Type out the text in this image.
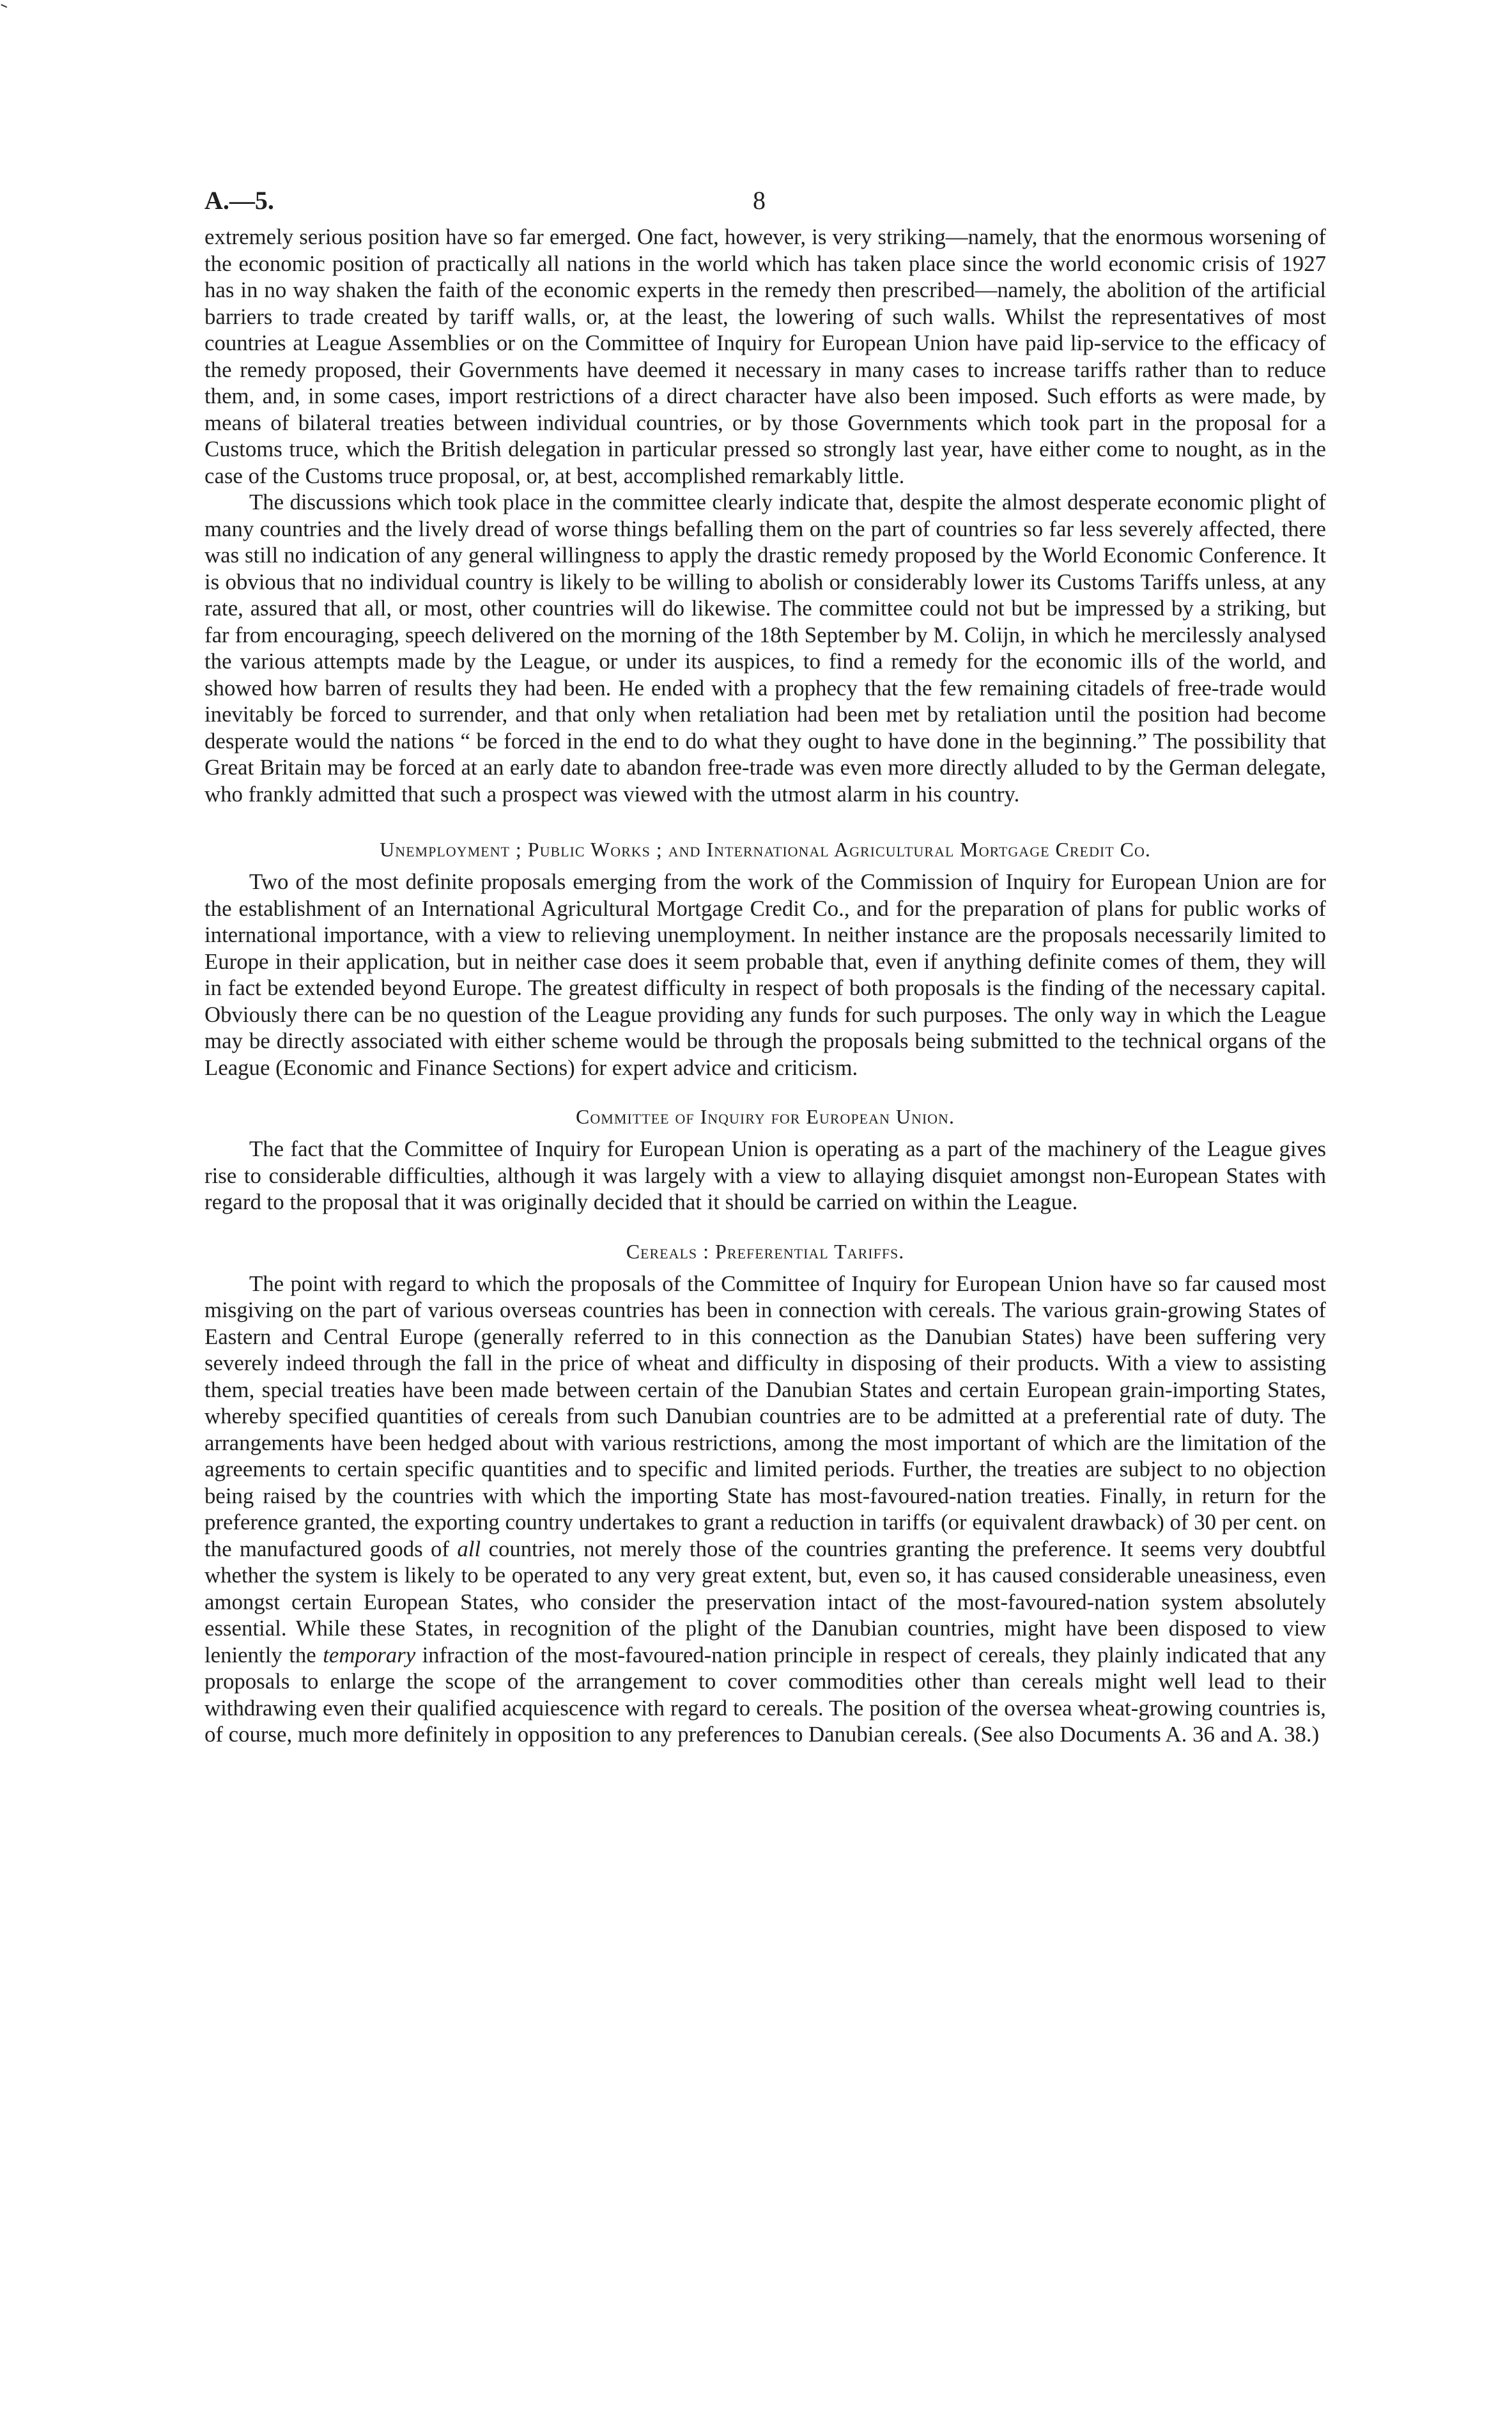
A.—5.	8

extremely serious position have so far emerged. One fact, however, is very striking—namely, that the enormous worsening of the economic position of practically all nations in the world which has taken place since the world economic crisis of 1927 has in no way shaken the faith of the economic experts in the remedy then prescribed—namely, the abolition of the artificial barriers to trade created by tariff walls, or, at the least, the lowering of such walls. Whilst the representatives of most countries at League Assemblies or on the Committee of Inquiry for European Union have paid lip-service to the efficacy of the remedy proposed, their Governments have deemed it necessary in many cases to increase tariffs rather than to reduce them, and, in some cases, import restrictions of a direct character have also been imposed. Such efforts as were made, by means of bilateral treaties between individual countries, or by those Governments which took part in the proposal for a Customs truce, which the British delegation in particular pressed so strongly last year, have either come to nought, as in the case of the Customs truce proposal, or, at best, accomplished remarkably little.

The discussions which took place in the committee clearly indicate that, despite the almost desperate economic plight of many countries and the lively dread of worse things befalling them on the part of countries so far less severely affected, there was still no indication of any general willingness to apply the drastic remedy proposed by the World Economic Conference. It is obvious that no individual country is likely to be willing to abolish or considerably lower its Customs Tariffs unless, at any rate, assured that all, or most, other countries will do likewise. The committee could not but be impressed by a striking, but far from encouraging, speech delivered on the morning of the 18th September by M. Colijn, in which he mercilessly analysed the various attempts made by the League, or under its auspices, to find a remedy for the economic ills of the world, and showed how barren of results they had been. He ended with a prophecy that the few remaining citadels of free-trade would inevitably be forced to surrender, and that only when retaliation had been met by retaliation until the position had become desperate would the nations “ be forced in the end to do what they ought to have done in the beginning.” The possibility that Great Britain may be forced at an early date to abandon free-trade was even more directly alluded to by the German delegate, who frankly admitted that such a prospect was viewed with the utmost alarm in his country.

Unemployment ; Public Works ; and International Agricultural Mortgage Credit Co.

Two of the most definite proposals emerging from the work of the Commission of Inquiry for European Union are for the establishment of an International Agricultural Mortgage Credit Co., and for the preparation of plans for public works of international importance, with a view to relieving unemployment. In neither instance are the proposals necessarily limited to Europe in their application, but in neither case does it seem probable that, even if anything definite comes of them, they will in fact be extended beyond Europe. The greatest difficulty in respect of both proposals is the finding of the necessary capital. Obviously there can be no question of the League providing any funds for such purposes. The only way in which the League may be directly associated with either scheme would be through the proposals being submitted to the technical organs of the League (Economic and Finance Sections) for expert advice and criticism.

Committee of Inquiry for European Union.

The fact that the Committee of Inquiry for European Union is operating as a part of the machinery of the League gives rise to considerable difficulties, although it was largely with a view to allaying disquiet amongst non-European States with regard to the proposal that it was originally decided that it should be carried on within the League.

Cereals : Preferential Tariffs.

The point with regard to which the proposals of the Committee of Inquiry for European Union have so far caused most misgiving on the part of various overseas countries has been in connection with cereals. The various grain-growing States of Eastern and Central Europe (generally referred to in this connection as the Danubian States) have been suffering very severely indeed through the fall in the price of wheat and difficulty in disposing of their products. With a view to assisting them, special treaties have been made between certain of the Danubian States and certain European grain-importing States, whereby specified quantities of cereals from such Danubian countries are to be admitted at a preferential rate of duty. The arrangements have been hedged about with various restrictions, among the most important of which are the limitation of the agreements to certain specific quantities and to specific and limited periods. Further, the treaties are subject to no objection being raised by the countries with which the importing State has most-favoured-nation treaties. Finally, in return for the preference granted, the exporting country undertakes to grant a reduction in tariffs (or equivalent drawback) of 30 per cent. on the manufactured goods of all countries, not merely those of the countries granting the preference. It seems very doubtful whether the system is likely to be operated to any very great extent, but, even so, it has caused considerable uneasiness, even amongst certain European States, who consider the preservation intact of the most-favoured-nation system absolutely essential. While these States, in recognition of the plight of the Danubian countries, might have been disposed to view leniently the temporary infraction of the most-favoured-nation principle in respect of cereals, they plainly indicated that any proposals to enlarge the scope of the arrangement to cover commodities other than cereals might well lead to their withdrawing even their qualified acquiescence with regard to cereals. The position of the oversea wheat-growing countries is, of course, much more definitely in opposition to any preferences to Danubian cereals. (See also Documents A. 36 and A. 38.)
